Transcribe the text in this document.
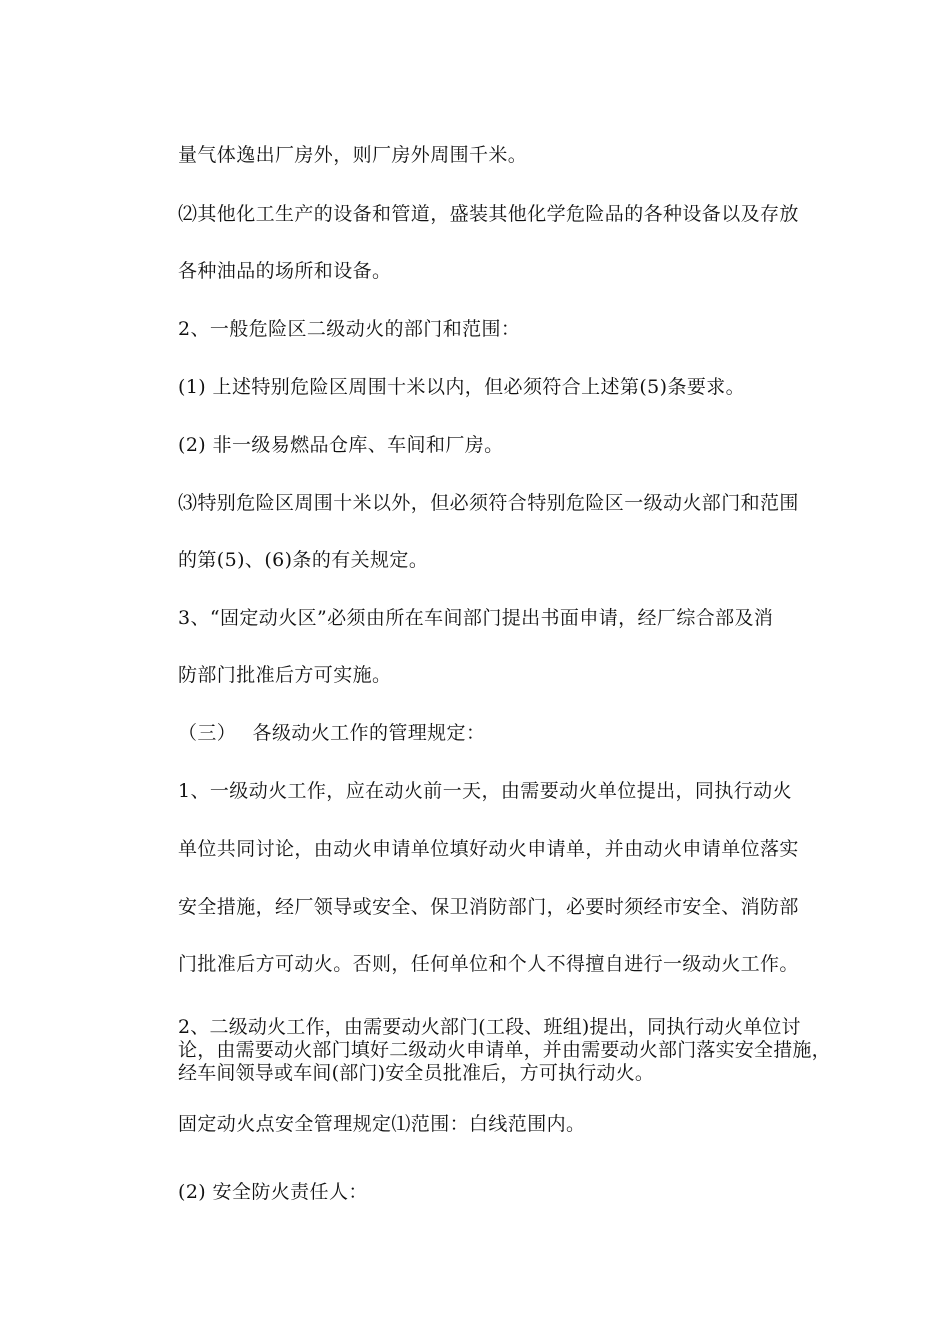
量气体逸出厂房外，则厂房外周围千米。
⑵其他化工生产的设备和管道，盛装其他化学危险品的各种设备以及存放
各种油品的场所和设备。
2、一般危险区二级动火的部门和范围：
(1) 上述特别危险区周围十米以内，但必须符合上述第(5)条要求。
(2) 非一级易燃品仓库、车间和厂房。
⑶特别危险区周围十米以外，但必须符合特别危险区一级动火部门和范围
的第(5)、(6)条的有关规定。
3、“固定动火区”必须由所在车间部门提出书面申请，经厂综合部及消
防部门批准后方可实施。
（三）　 各级动火工作的管理规定：
1、一级动火工作，应在动火前一天，由需要动火单位提出，同执行动火
单位共同讨论，由动火申请单位填好动火申请单，并由动火申请单位落实
安全措施，经厂领导或安全、保卫消防部门，必要时须经市安全、消防部
门批准后方可动火。否则，任何单位和个人不得擅自进行一级动火工作。
2、二级动火工作，由需要动火部门(工段、班组)提出，同执行动火单位讨论，由需要动火部门填好二级动火申请单，并由需要动火部门落实安全措施，经车间领导或车间(部门)安全员批准后，方可执行动火。
固定动火点安全管理规定⑴范围：白线范围内。
(2) 安全防火责任人：
